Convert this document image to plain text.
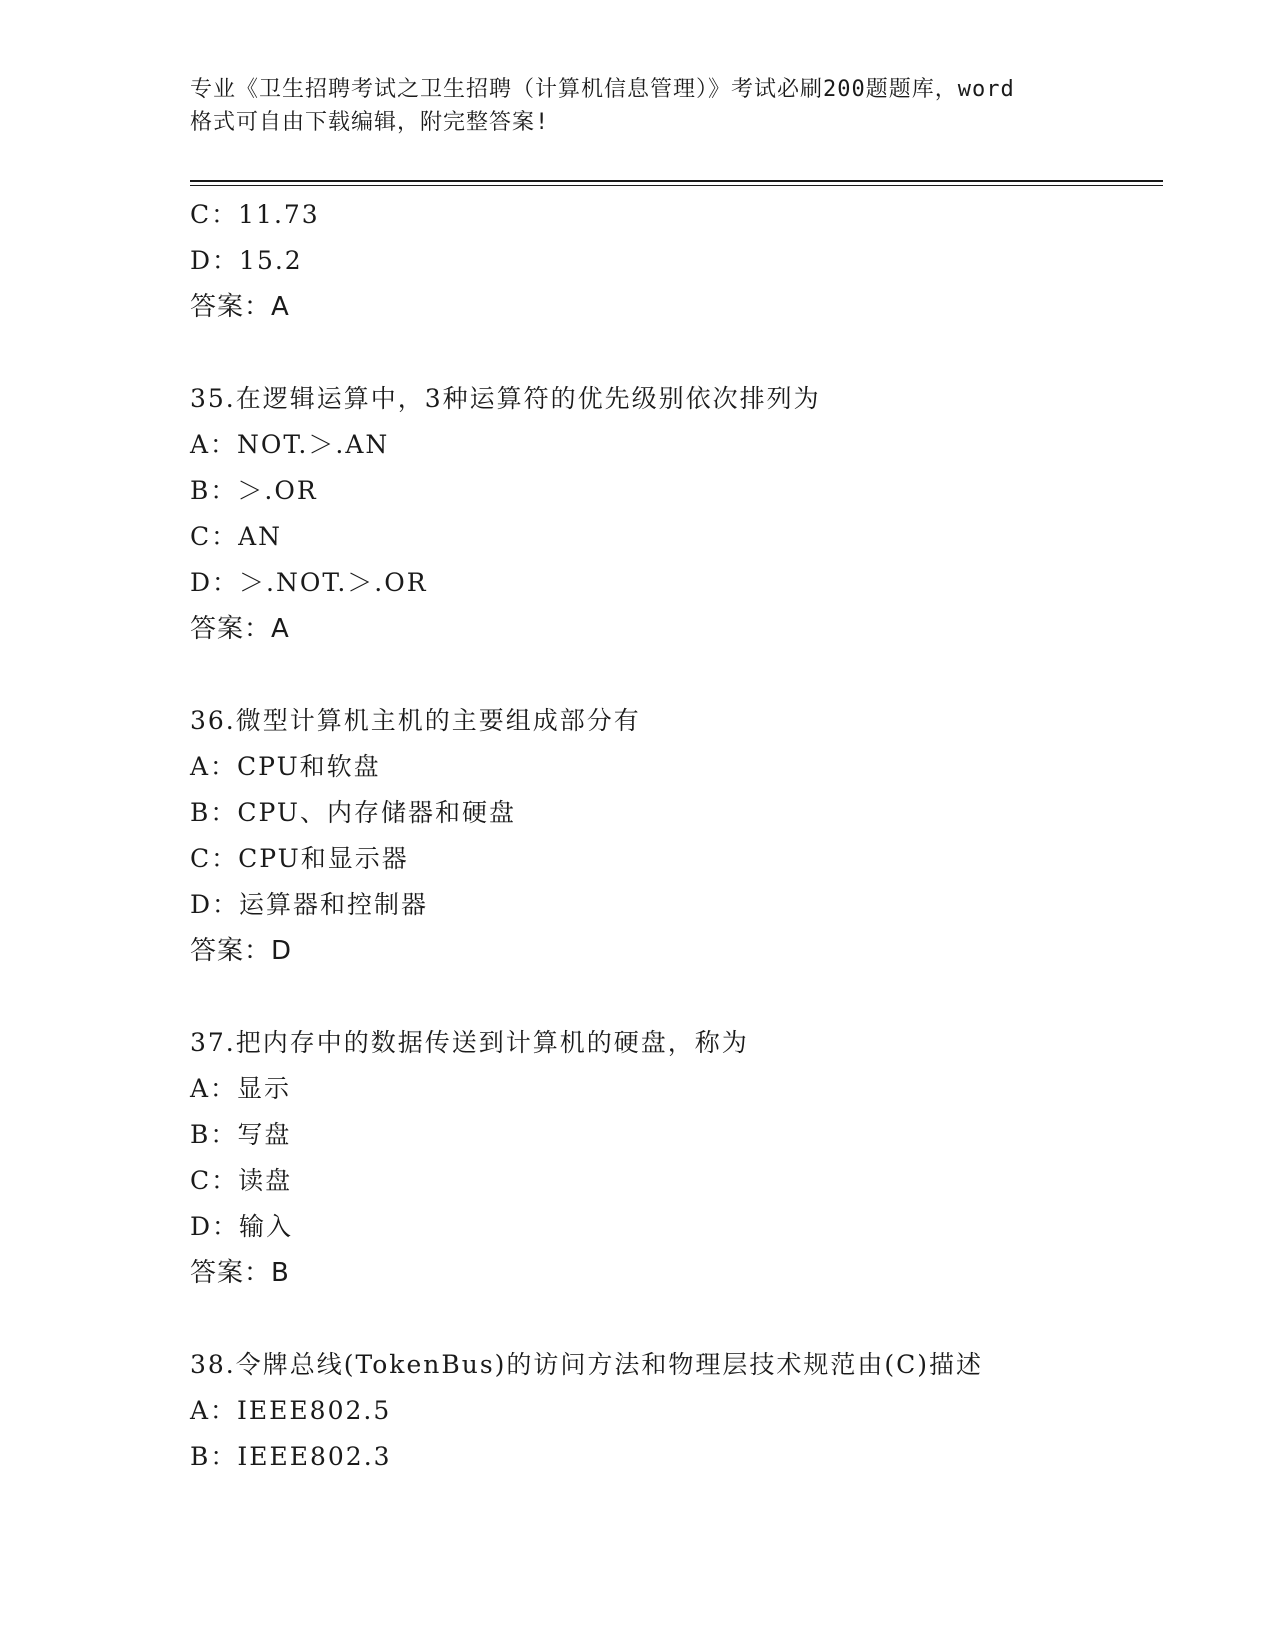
专业《卫生招聘考试之卫生招聘（计算机信息管理）》考试必刷200题题库，word
格式可自由下载编辑，附完整答案!
C：11.73
D：15.2
答案：A
35.在逻辑运算中，3种运算符的优先级别依次排列为
A：NOT.＞.AN
B：＞.OR
C：AN
D：＞.NOT.＞.OR
答案：A
36.微型计算机主机的主要组成部分有
A：CPU和软盘
B：CPU、内存储器和硬盘
C：CPU和显示器
D：运算器和控制器
答案：D
37.把内存中的数据传送到计算机的硬盘，称为
A：显示
B：写盘
C：读盘
D：输入
答案：B
38.令牌总线(TokenBus)的访问方法和物理层技术规范由(C)描述
A：IEEE802.5
B：IEEE802.3
